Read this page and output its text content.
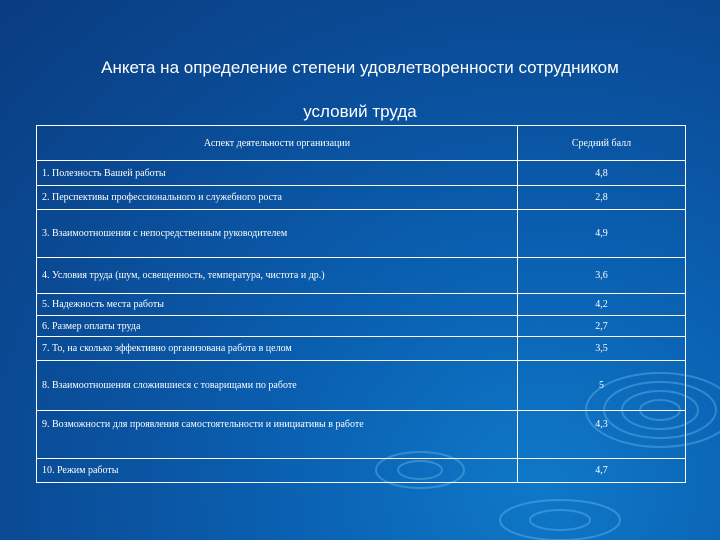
Анкета на определение степени удовлетворенности сотрудником
условий труда
Аспект деятельности организации	Средний балл
1. Полезность Вашей работы	4,8
2. Перспективы профессионального и служебного роста	2,8
3. Взаимоотношения с непосредственным руководителем	4,9
4. Условия труда (шум, освещенность, температура, чистота и др.)	3,6
5. Надежность места работы	4,2
6. Размер оплаты труда	2,7
7. То, на сколько эффективно организована работа в целом	3,5
8. Взаимоотношения сложившиеся с товарищами по работе	5
9. Возможности для проявления самостоятельности и инициативы в работе	4,3
10. Режим работы	4,7
